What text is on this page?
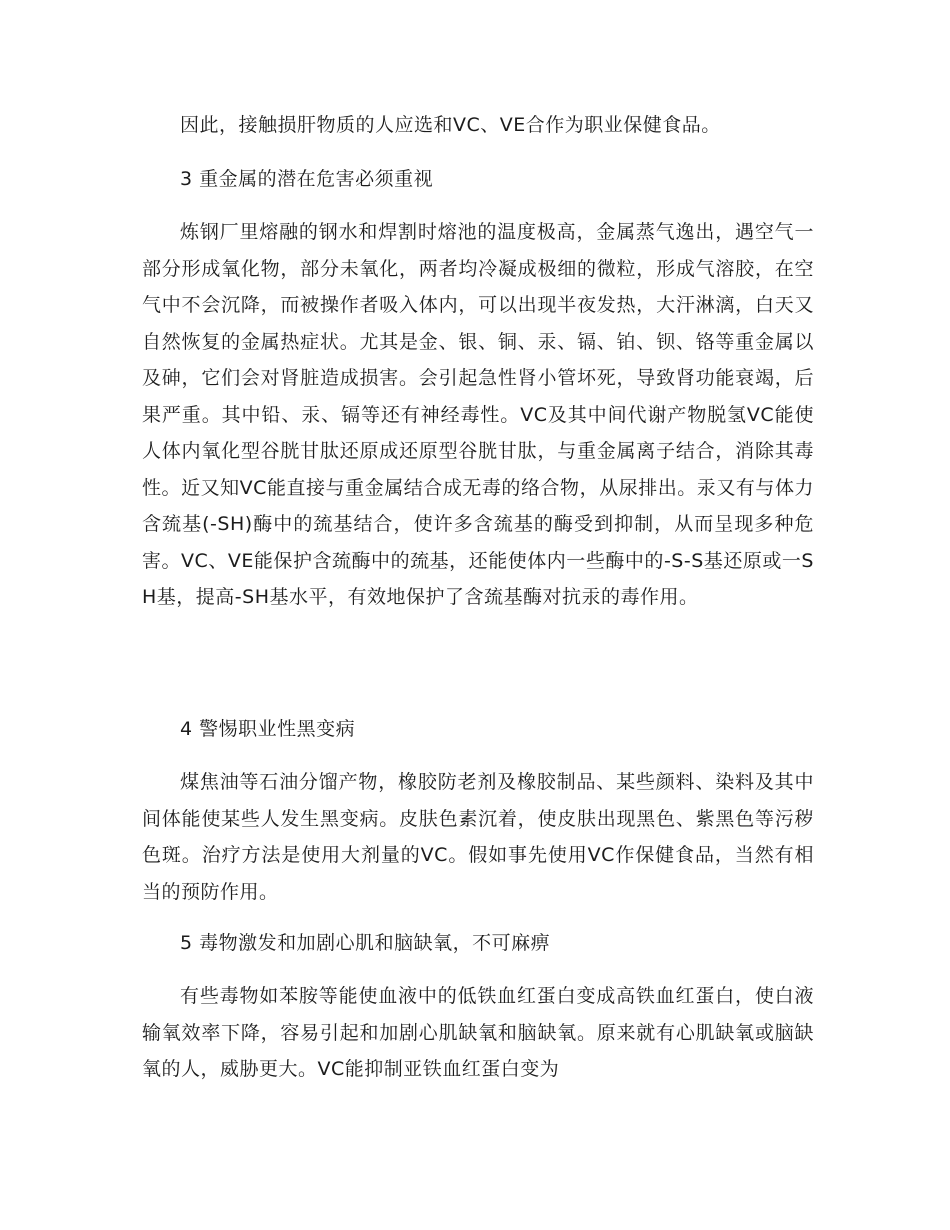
因此，接触损肝物质的人应选和VC、VE合作为职业保健食品。

3 重金属的潜在危害必须重视

炼钢厂里熔融的钢水和焊割时熔池的温度极高，金属蒸气逸出，遇空气一部分形成氧化物，部分未氧化，两者均冷凝成极细的微粒，形成气溶胶，在空气中不会沉降，而被操作者吸入体内，可以出现半夜发热，大汗淋漓，白天又自然恢复的金属热症状。尤其是金、银、铜、汞、镉、铂、钡、铬等重金属以及砷，它们会对肾脏造成损害。会引起急性肾小管坏死，导致肾功能衰竭，后果严重。其中铅、汞、镉等还有神经毒性。VC及其中间代谢产物脱氢VC能使人体内氧化型谷胱甘肽还原成还原型谷胱甘肽，与重金属离子结合，消除其毒性。近又知VC能直接与重金属结合成无毒的络合物，从尿排出。汞又有与体力含巯基(-SH)酶中的巯基结合，使许多含巯基的酶受到抑制，从而呈现多种危害。VC、VE能保护含巯酶中的巯基，还能使体内一些酶中的-S-S基还原或一SH基，提高-SH基水平，有效地保护了含巯基酶对抗汞的毒作用。

4 警惕职业性黑变病

煤焦油等石油分馏产物，橡胶防老剂及橡胶制品、某些颜料、染料及其中间体能使某些人发生黑变病。皮肤色素沉着，使皮肤出现黑色、紫黑色等污秽色斑。治疗方法是使用大剂量的VC。假如事先使用VC作保健食品，当然有相当的预防作用。

5 毒物激发和加剧心肌和脑缺氧，不可麻痹

有些毒物如苯胺等能使血液中的低铁血红蛋白变成高铁血红蛋白，使白液输氧效率下降，容易引起和加剧心肌缺氧和脑缺氧。原来就有心肌缺氧或脑缺氧的人，威胁更大。VC能抑制亚铁血红蛋白变为
